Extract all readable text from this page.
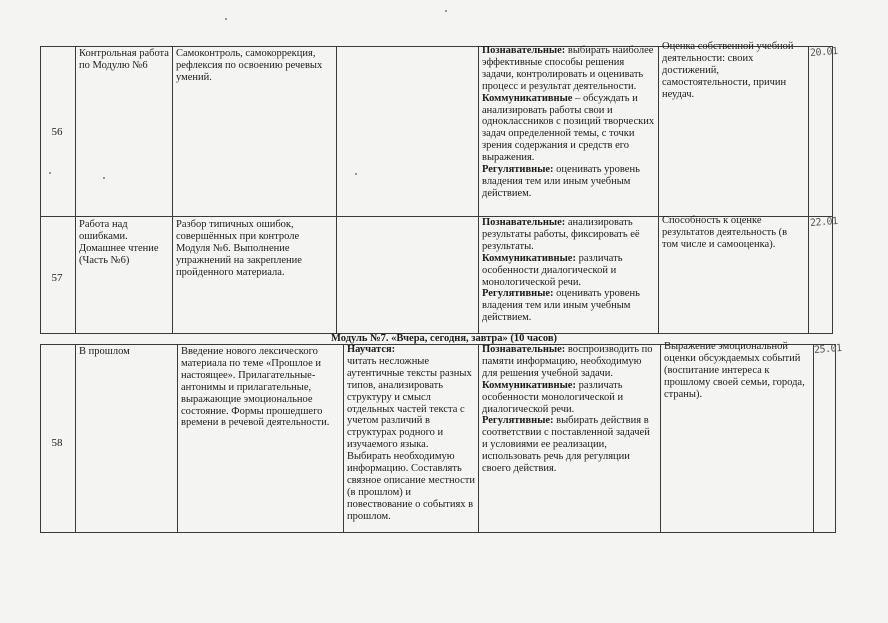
56
Контрольная работа по Модулю №6
Самоконтроль, самокоррекция, рефлексия по освоению речевых умений.
Познавательные: выбирать наиболее эффективные способы решения задачи, контролировать и оценивать процесс и результат деятельности.
Коммуникативные – обсуждать и анализировать работы свои и одноклассников с позиций творческих задач определенной темы, с точки зрения содержания и средств его выражения.
Регулятивные: оценивать уровень владения тем или иным учебным действием.
Оценка собственной учебной деятельности: своих достижений, самостоятельности, причин неудач.
20.01
57
Работа над ошибками. Домашнее чтение (Часть №6)
Разбор типичных ошибок, совершённых при контроле Модуля №6. Выполнение упражнений на закрепление пройденного материала.
Познавательные: анализировать результаты работы, фиксировать её результаты.
Коммуникативные: различать особенности диалогической и монологической речи.
Регулятивные: оценивать уровень владения тем или иным учебным действием.
Способность к оценке результатов деятельность (в том числе и самооценка).
22.01
Модуль №7. «Вчера, сегодня, завтра» (10 часов)
58
В прошлом	Введение нового лексического материала по теме «Прошлое и настоящее». Прилагательные-антонимы и прилагательные, выражающие эмоциональное состояние. Формы прошедшего времени в речевой деятельности.
Научатся:
читать несложные аутентичные тексты разных типов, анализировать структуру и смысл отдельных частей текста с учетом различий в структурах родного и изучаемого языка. Выбирать необходимую информацию. Составлять связное описание местности (в прошлом) и повествование о событиях в прошлом.
Познавательные: воспроизводить по памяти информацию, необходимую для решения учебной задачи.
Коммуникативные: различать особенности монологической и диалогической речи.
Регулятивные: выбирать действия в соответствии с поставленной задачей и условиями ее реализации, использовать речь для регуляции своего действия.
Выражение эмоциональной оценки обсуждаемых событий (воспитание интереса к прошлому своей семьи, города, страны).
25.01
